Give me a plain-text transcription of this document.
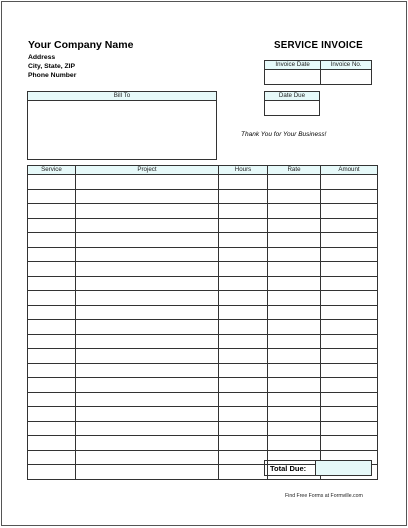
Your Company Name
Address
City, State, ZIP
Phone Number
SERVICE INVOICE
Invoice Date	Invoice No.

Date Due

Bill To

Thank You for Your Business!
Service	Project	Hours	Rate	Amount

Total Due:	
Find Free Forms at Formville.com
